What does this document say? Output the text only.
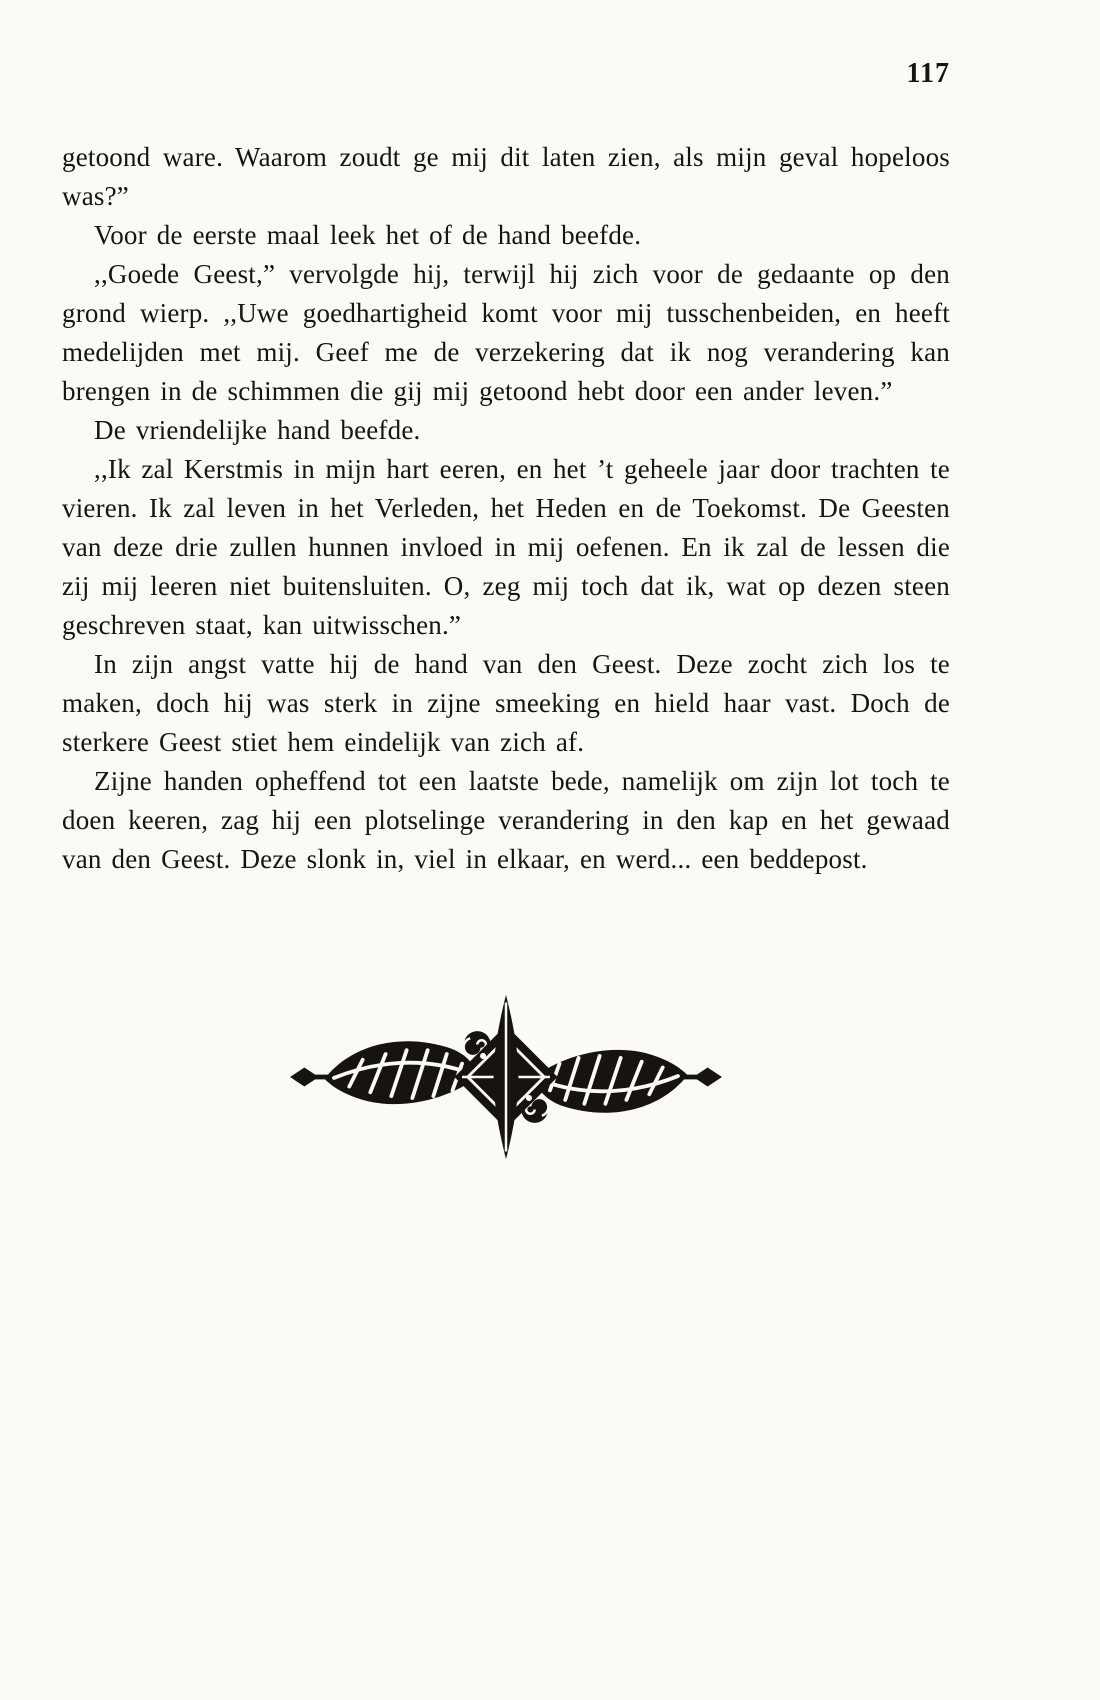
117

getoond ware. Waarom zoudt ge mij dit laten zien, als mijn geval hopeloos was?”

Voor de eerste maal leek het of de hand beefde.

,,Goede Geest,” vervolgde hij, terwijl hij zich voor de gedaante op den grond wierp. ,,Uwe goedhartigheid komt voor mij tusschenbeiden, en heeft medelijden met mij. Geef me de verzekering dat ik nog verandering kan brengen in de schimmen die gij mij getoond hebt door een ander leven.”

De vriendelijke hand beefde.

,,Ik zal Kerstmis in mijn hart eeren, en het ’t geheele jaar door trachten te vieren. Ik zal leven in het Verleden, het Heden en de Toekomst. De Geesten van deze drie zullen hunnen invloed in mij oefenen. En ik zal de lessen die zij mij leeren niet buitensluiten. O, zeg mij toch dat ik, wat op dezen steen geschreven staat, kan uitwisschen.”

In zijn angst vatte hij de hand van den Geest. Deze zocht zich los te maken, doch hij was sterk in zijne smeeking en hield haar vast. Doch de sterkere Geest stiet hem eindelijk van zich af.

Zijne handen opheffend tot een laatste bede, namelijk om zijn lot toch te doen keeren, zag hij een plotselinge verandering in den kap en het gewaad van den Geest. Deze slonk in, viel in elkaar, en werd... een beddepost.
